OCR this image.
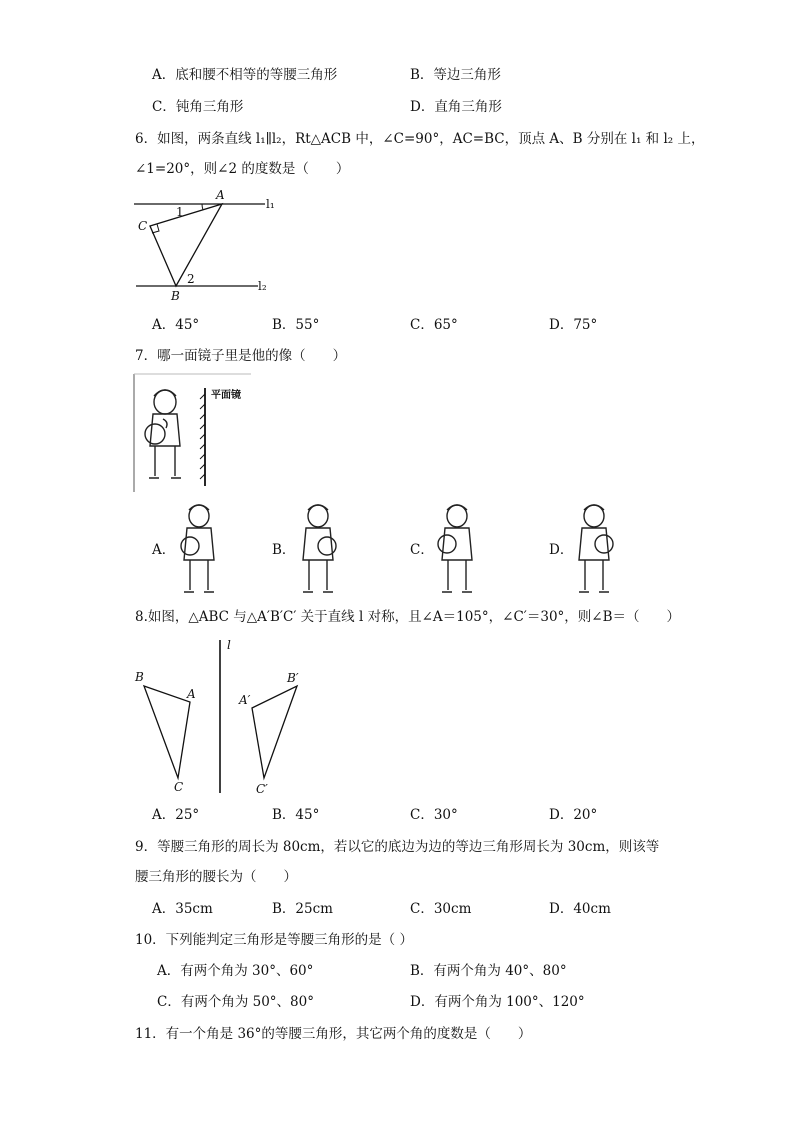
A．底和腰不相等的等腰三角形	B．等边三角形
C．钝角三角形	D．直角三角形
6．如图，两条直线 l₁∥l₂，Rt△ACB 中，∠C=90°，AC=BC，顶点 A、B 分别在 l₁ 和 l₂ 上，
∠1=20°，则∠2 的度数是（　　）
A
C
B
1
2
l₁
l₂
A．45°	B．55°	C．65°	D．75°
7．哪一面镜子里是他的像（　　）
平面镜
A．	B．	C．	D．
8.如图，△ABC 与△A′B′C′ 关于直线 l 对称，且∠A＝105°，∠C′＝30°，则∠B＝（　　）
B
A
C
l
A′
B′
C′
A．25°	B．45°	C．30°	D．20°
9．等腰三角形的周长为 80cm，若以它的底边为边的等边三角形周长为 30cm，则该等
腰三角形的腰长为（　　）
A．35cm	B．25cm	C．30cm	D．40cm
10．下列能判定三角形是等腰三角形的是（ ）
A．有两个角为 30°、60°	B．有两个角为 40°、80°
C．有两个角为 50°、80°	D．有两个角为 100°、120°
11．有一个角是 36°的等腰三角形，其它两个角的度数是（　　）
